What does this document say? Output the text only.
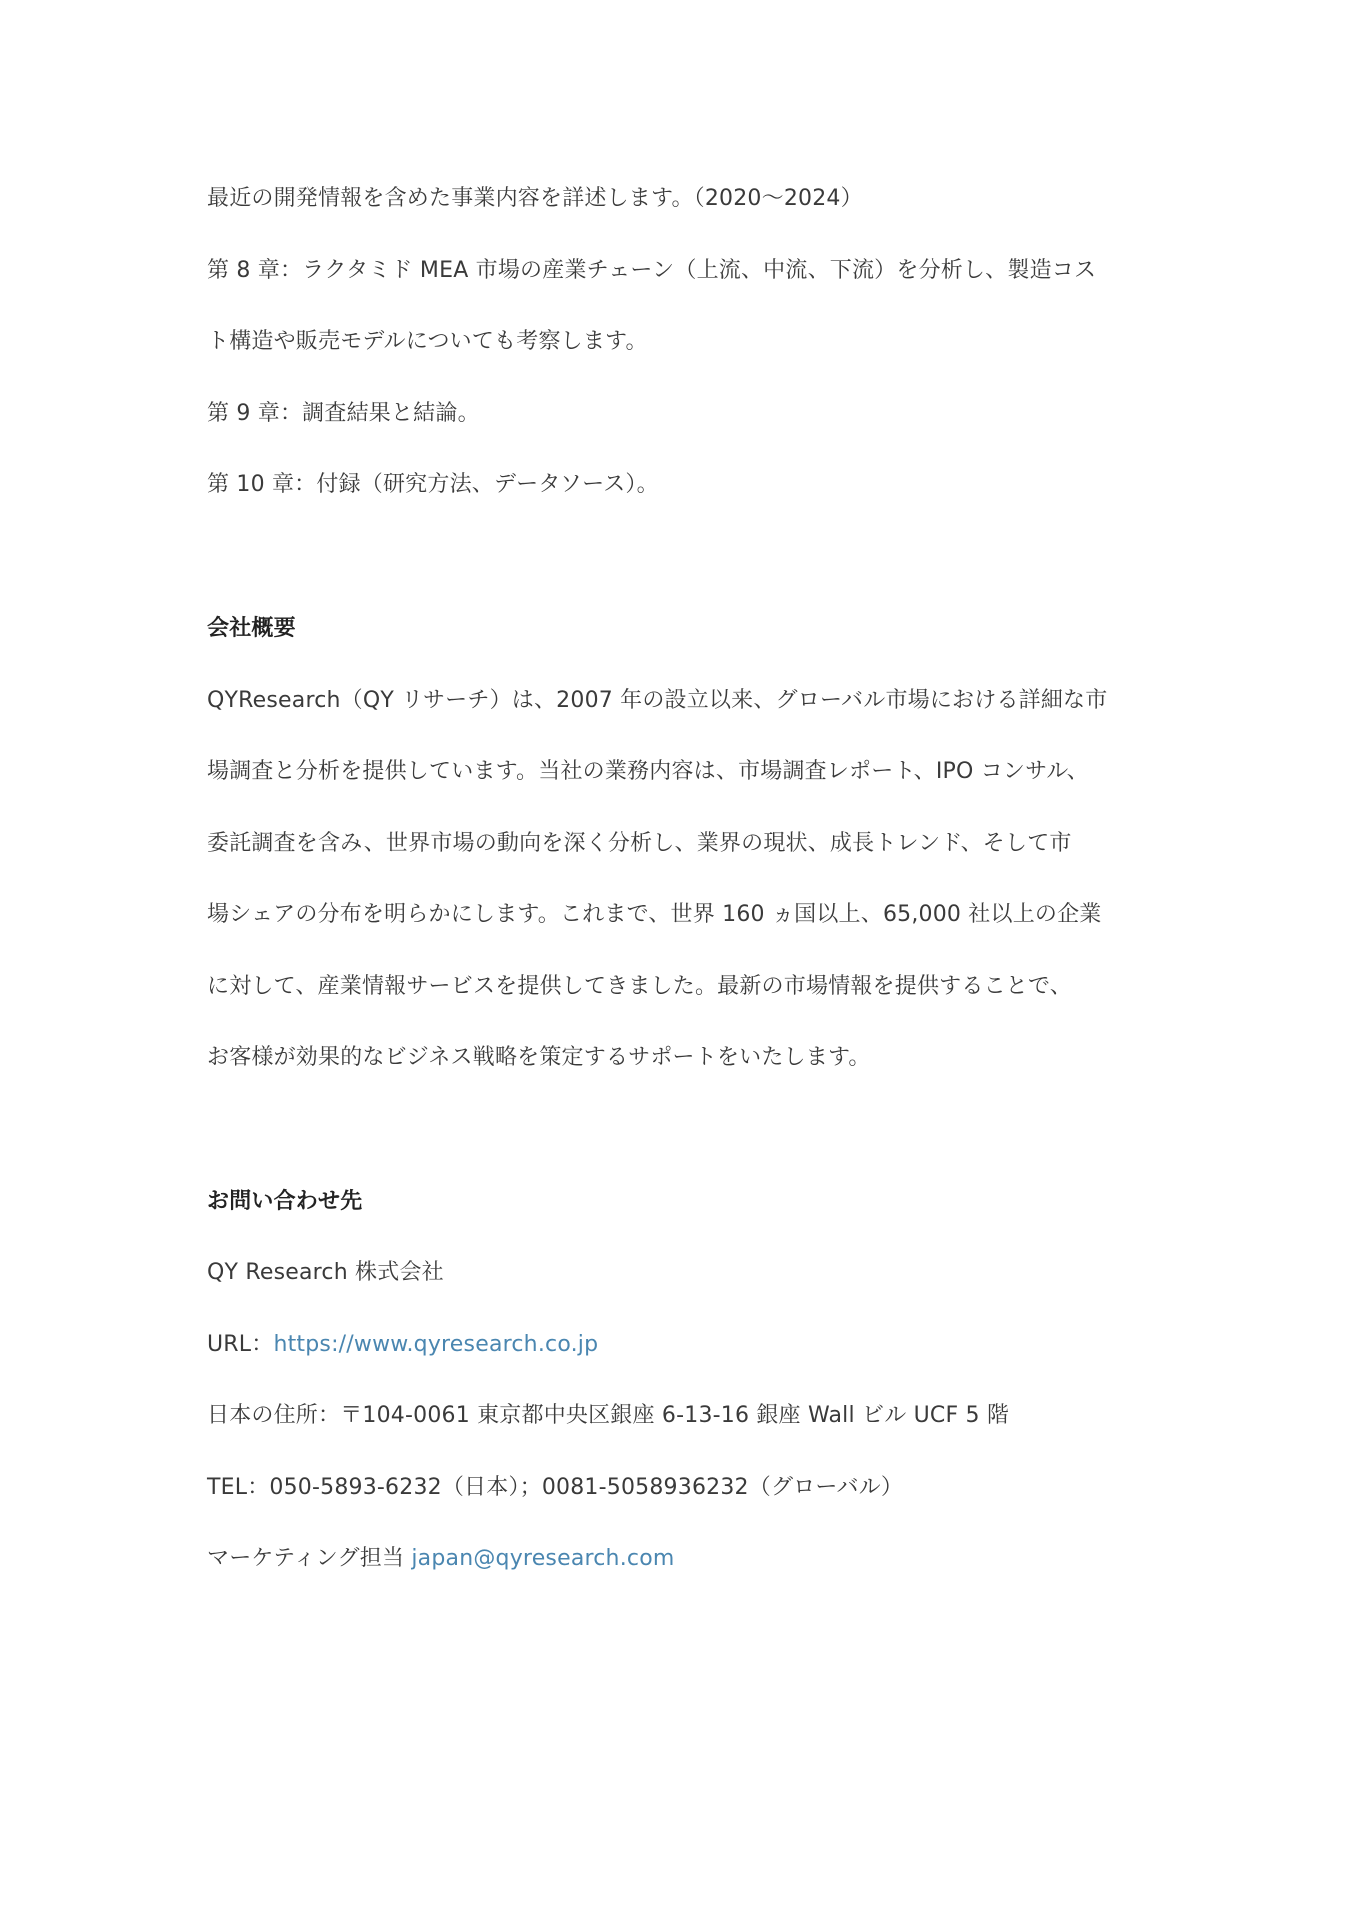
最近の開発情報を含めた事業内容を詳述します。（2020～2024）
第 8 章：ラクタミド MEA 市場の産業チェーン（上流、中流、下流）を分析し、製造コス
ト構造や販売モデルについても考察します。
第 9 章：調査結果と結論。
第 10 章：付録（研究方法、データソース）。
会社概要
QYResearch（QY リサーチ）は、2007 年の設立以来、グローバル市場における詳細な市
場調査と分析を提供しています。当社の業務内容は、市場調査レポート、IPO コンサル、
委託調査を含み、世界市場の動向を深く分析し、業界の現状、成長トレンド、そして市
場シェアの分布を明らかにします。これまで、世界 160 ヵ国以上、65,000 社以上の企業
に対して、産業情報サービスを提供してきました。最新の市場情報を提供することで、
お客様が効果的なビジネス戦略を策定するサポートをいたします。
お問い合わせ先
QY Research 株式会社
URL：https://www.qyresearch.co.jp
日本の住所：〒104-0061 東京都中央区銀座 6-13-16 銀座 Wall ビル UCF 5 階
TEL：050-5893-6232（日本）；0081-5058936232（グローバル）
マーケティング担当 japan@qyresearch.com
